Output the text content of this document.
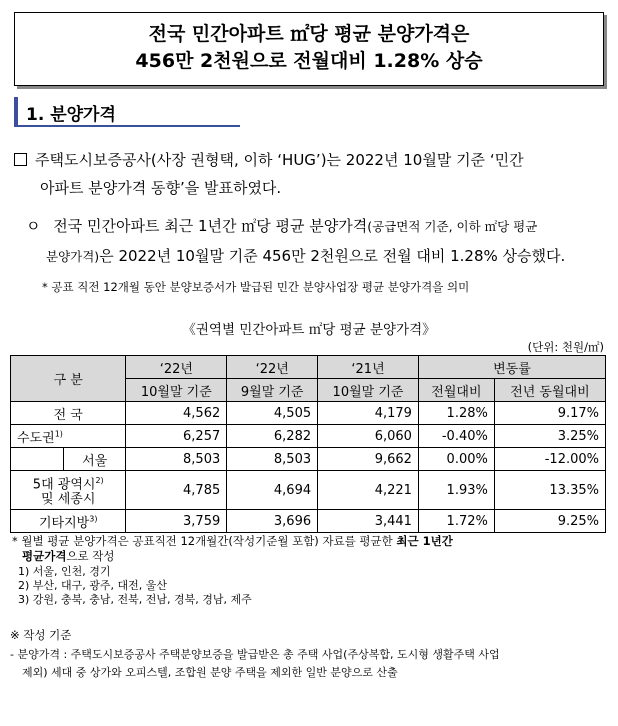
전국 민간아파트 ㎡당 평균 분양가격은
456만 2천원으로 전월대비 1.28% 상승
1. 분양가격
주택도시보증공사(사장 권형택, 이하 ‘HUG’)는 2022년 10월말 기준 ‘민간
아파트 분양가격 동향’을 발표하였다.
ㅇ 전국 민간아파트 최근 1년간 ㎡당 평균 분양가격(공급면적 기준, 이하 ㎡당 평균
분양가격)은 2022년 10월말 기준 456만 2천원으로 전월 대비 1.28% 상승했다.
* 공표 직전 12개월 동안 분양보증서가 발급된 민간 분양사업장 평균 분양가격을 의미
《권역별 민간아파트 ㎡당 평균 분양가격》
(단위: 천원/㎡)
구 분		‘22년	‘22년	‘21년	변동률	
		10월말 기준	9월말 기준	10월말 기준	전월대비	전년 동월대비
전 국		4,562	4,505	4,179	1.28%	9.17%
수도권$^{1)}$		6,257	6,282	6,060	-0.40%	3.25%
	서울	8,503	8,503	9,662	0.00%	-12.00%
5대 광역시$^{2)}$
및 세종시		4,785	4,694	4,221	1.93%	13.35%
기타지방$^{3)}$		3,759	3,696	3,441	1.72%	9.25%
* 월별 평균 분양가격은 공표직전 12개월간(작성기준월 포함) 자료를 평균한 최근 1년간
평균가격으로 작성
1) 서울, 인천, 경기
2) 부산, 대구, 광주, 대전, 울산
3) 강원, 충북, 충남, 전북, 전남, 경북, 경남, 제주
※ 작성 기준
- 분양가격 : 주택도시보증공사 주택분양보증을 발급받은 총 주택 사업(주상복합, 도시형 생활주택 사업
제외) 세대 중 상가와 오피스텔, 조합원 분양 주택을 제외한 일반 분양으로 산출
